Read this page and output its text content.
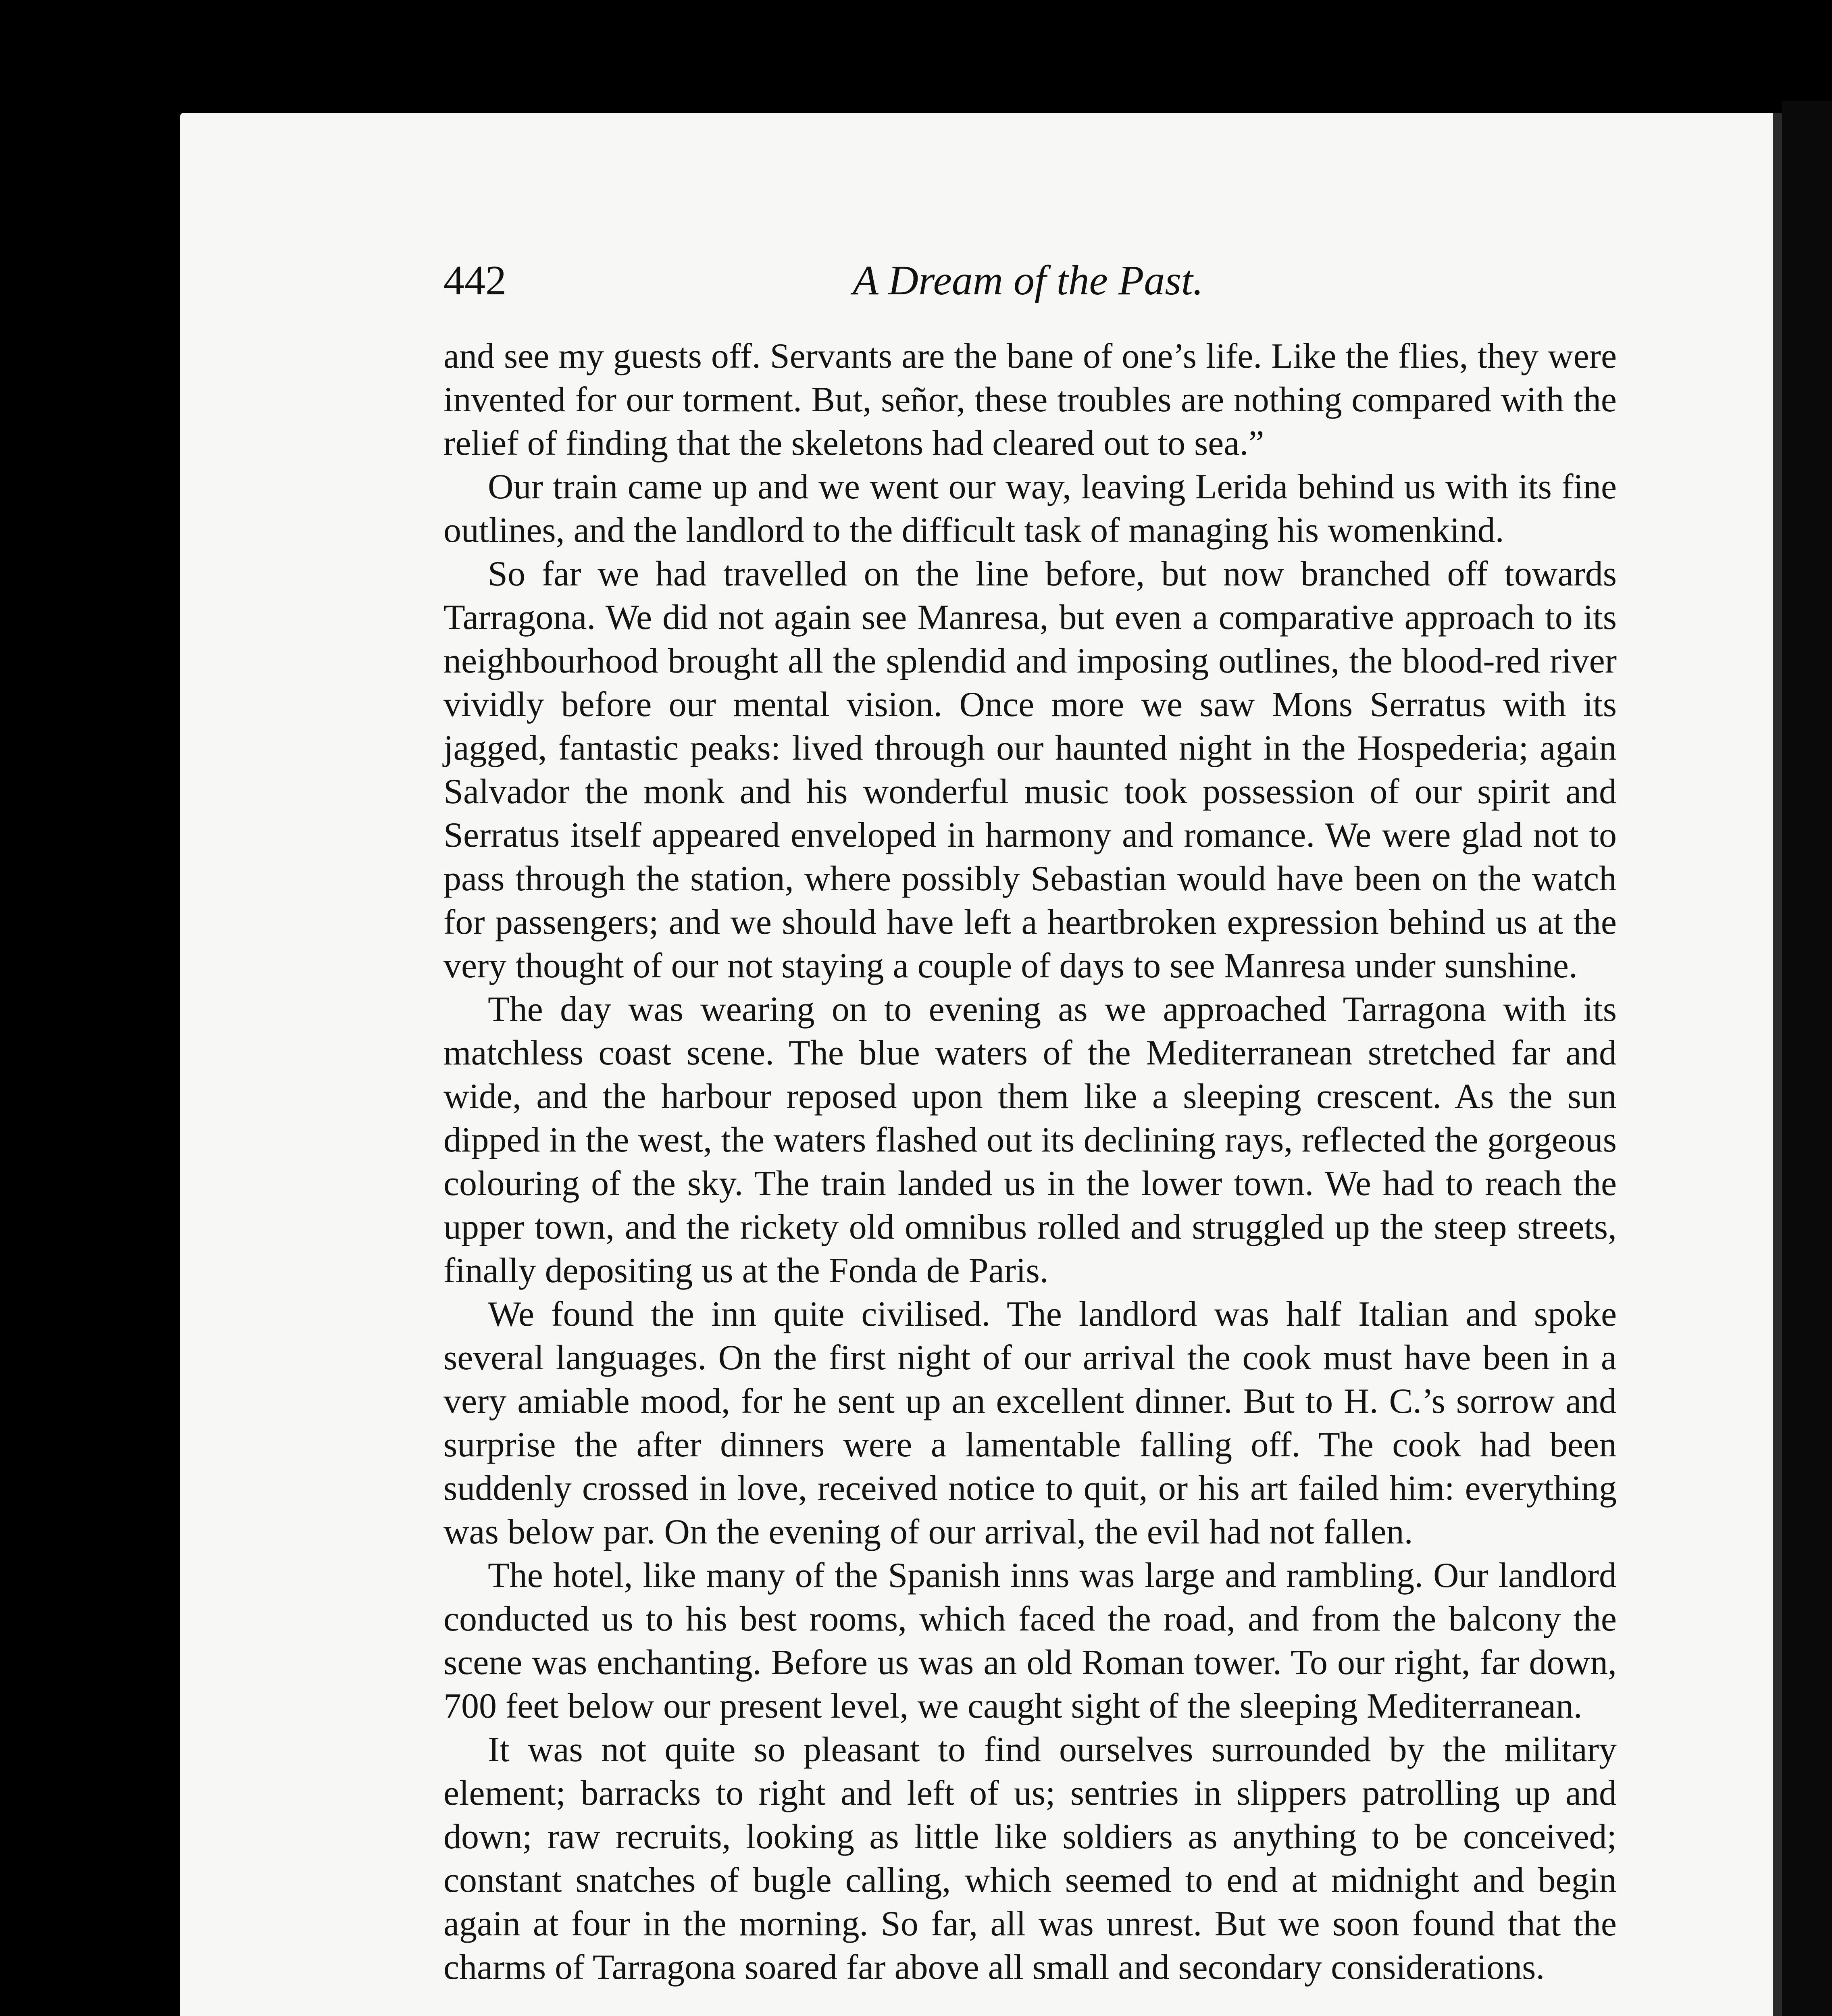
442	A Dream of the Past.

and see my guests off. Servants are the bane of one’s life. Like the flies, they were invented for our torment. But, señor, these troubles are nothing compared with the relief of finding that the skeletons had cleared out to sea.”

Our train came up and we went our way, leaving Lerida behind us with its fine outlines, and the landlord to the difficult task of managing his womenkind.

So far we had travelled on the line before, but now branched off towards Tarragona. We did not again see Manresa, but even a comparative approach to its neighbourhood brought all the splendid and imposing outlines, the blood-red river vividly before our mental vision. Once more we saw Mons Serratus with its jagged, fantastic peaks: lived through our haunted night in the Hospederia; again Salvador the monk and his wonderful music took possession of our spirit and Serratus itself appeared enveloped in harmony and romance. We were glad not to pass through the station, where possibly Sebastian would have been on the watch for passengers; and we should have left a heartbroken expression behind us at the very thought of our not staying a couple of days to see Manresa under sunshine.

The day was wearing on to evening as we approached Tarragona with its matchless coast scene. The blue waters of the Mediterranean stretched far and wide, and the harbour reposed upon them like a sleeping crescent. As the sun dipped in the west, the waters flashed out its declining rays, reflected the gorgeous colouring of the sky. The train landed us in the lower town. We had to reach the upper town, and the rickety old omnibus rolled and struggled up the steep streets, finally depositing us at the Fonda de Paris.

We found the inn quite civilised. The landlord was half Italian and spoke several languages. On the first night of our arrival the cook must have been in a very amiable mood, for he sent up an excellent dinner. But to H. C.’s sorrow and surprise the after dinners were a lamentable falling off. The cook had been suddenly crossed in love, received notice to quit, or his art failed him: everything was below par. On the evening of our arrival, the evil had not fallen.

The hotel, like many of the Spanish inns was large and rambling. Our landlord conducted us to his best rooms, which faced the road, and from the balcony the scene was enchanting. Before us was an old Roman tower. To our right, far down, 700 feet below our present level, we caught sight of the sleeping Mediterranean.

It was not quite so pleasant to find ourselves surrounded by the military element; barracks to right and left of us; sentries in slippers patrolling up and down; raw recruits, looking as little like soldiers as anything to be conceived; constant snatches of bugle calling, which seemed to end at midnight and begin again at four in the morning. So far, all was unrest. But we soon found that the charms of Tarragona soared far above all small and secondary considerations.
